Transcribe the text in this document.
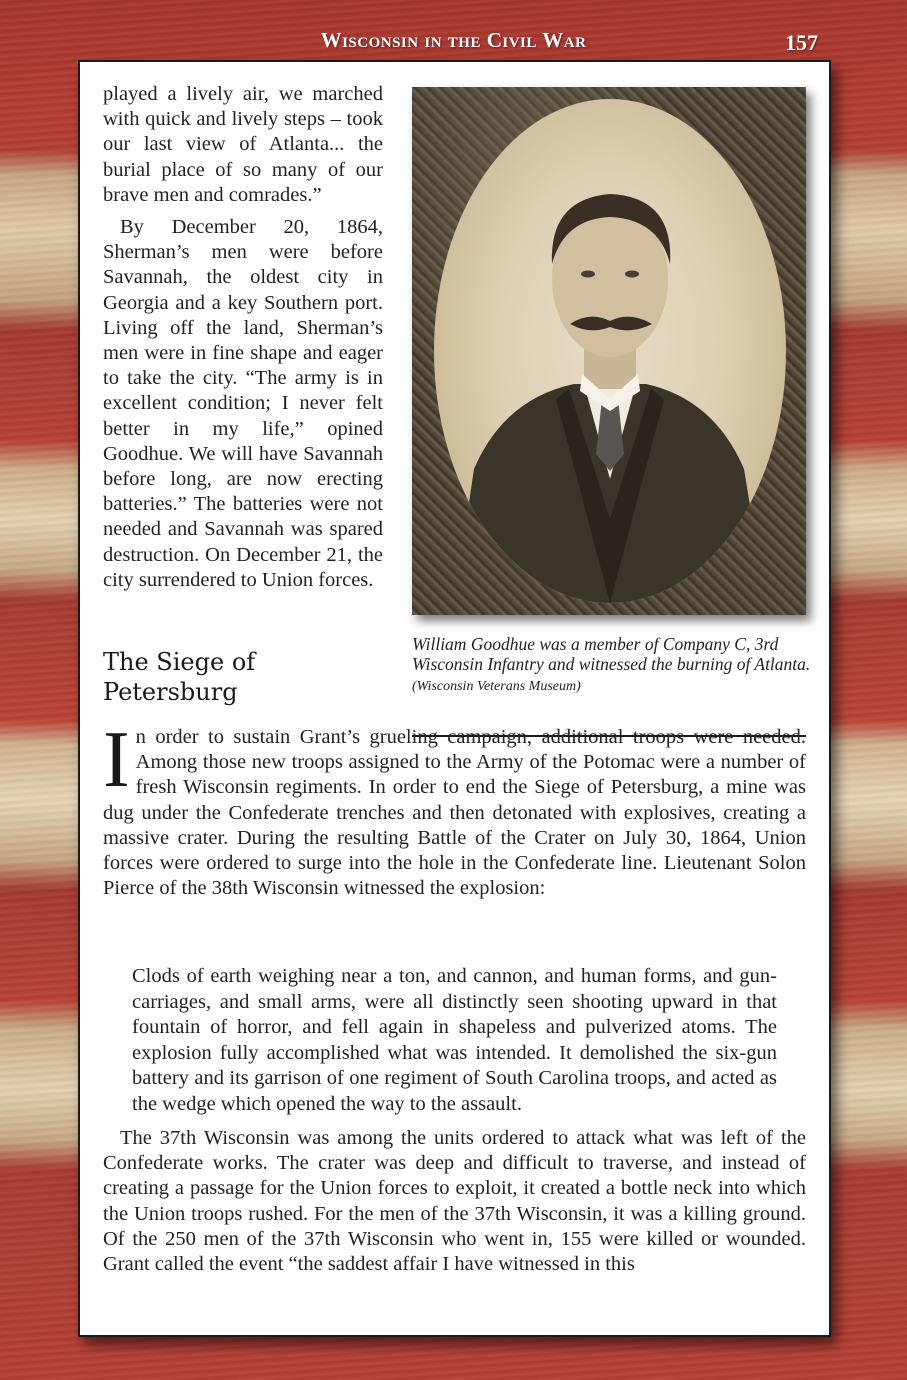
Wisconsin in the Civil War	157

played a lively air, we marched with quick and lively steps – took our last view of Atlanta... the burial place of so many of our brave men and comrades.”

By December 20, 1864, Sherman’s men were before Savannah, the oldest city in Georgia and a key Southern port. Living off the land, Sherman’s men were in fine shape and eager to take the city. “The army is in excellent condition; I never felt better in my life,” opined Goodhue. We will have Savannah before long, are now erecting batteries.” The batteries were not needed and Savannah was spared destruction. On December 21, the city surrendered to Union forces.

William Goodhue was a member of Company C, 3rd Wisconsin Infantry and witnessed the burning of Atlanta. (Wisconsin Veterans Museum)

The Siege of Petersburg

In order to sustain Grant’s grueling campaign, additional troops were needed. Among those new troops assigned to the Army of the Potomac were a number of fresh Wisconsin regiments. In order to end the Siege of Petersburg, a mine was dug under the Confederate trenches and then detonated with explosives, creating a massive crater. During the resulting Battle of the Crater on July 30, 1864, Union forces were ordered to surge into the hole in the Confederate line. Lieutenant Solon Pierce of the 38th Wisconsin witnessed the explosion:

Clods of earth weighing near a ton, and cannon, and human forms, and gun-carriages, and small arms, were all distinctly seen shooting upward in that fountain of horror, and fell again in shapeless and pulverized atoms. The explosion fully accomplished what was intended. It demolished the six-gun battery and its garrison of one regiment of South Carolina troops, and acted as the wedge which opened the way to the assault.

The 37th Wisconsin was among the units ordered to attack what was left of the Confederate works. The crater was deep and difficult to traverse, and instead of creating a passage for the Union forces to exploit, it created a bottle neck into which the Union troops rushed. For the men of the 37th Wisconsin, it was a killing ground. Of the 250 men of the 37th Wisconsin who went in, 155 were killed or wounded. Grant called the event “the saddest affair I have witnessed in this
